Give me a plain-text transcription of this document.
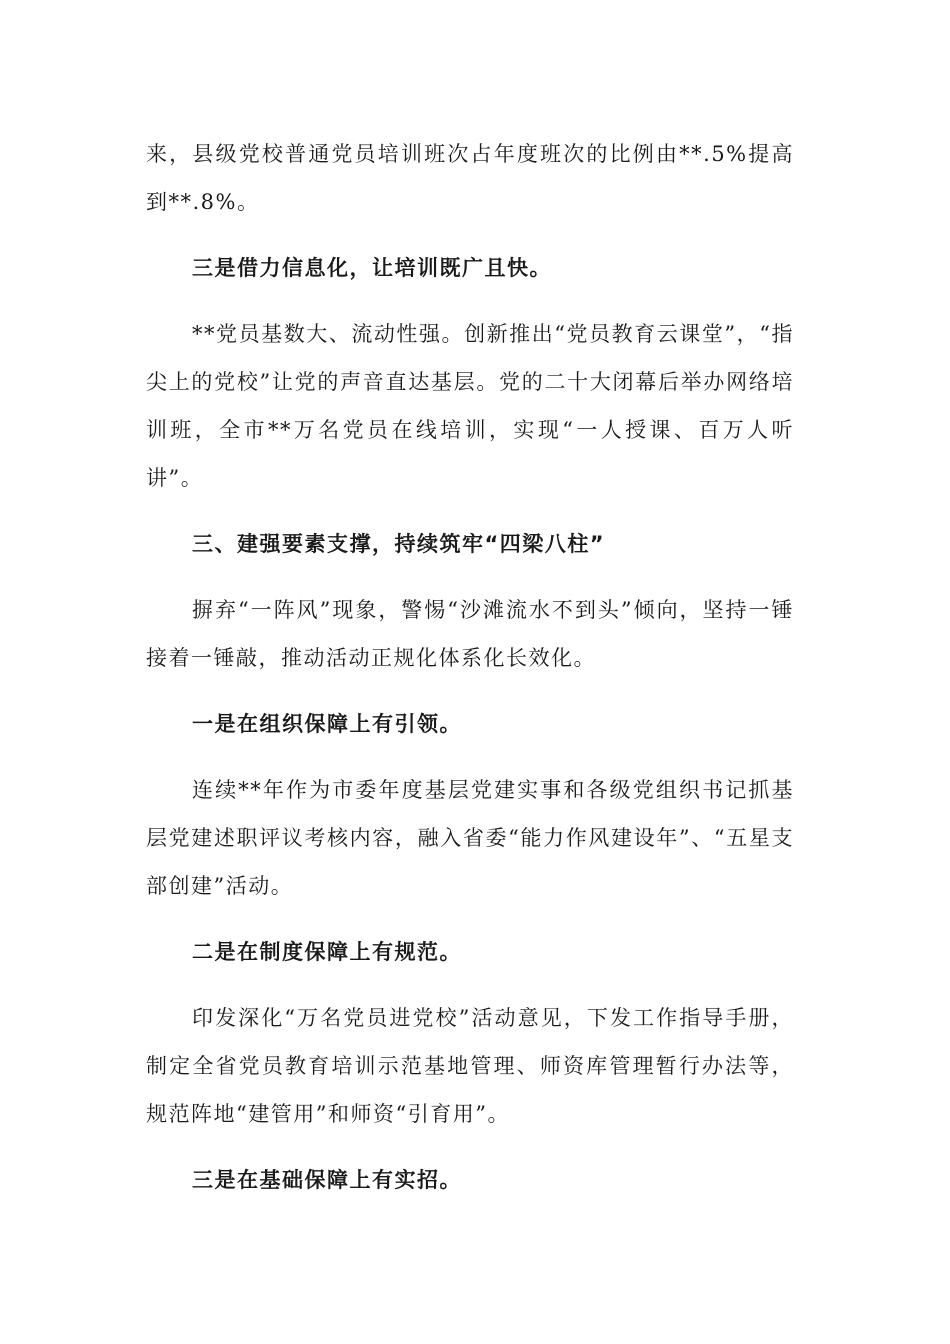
来，县级党校普通党员培训班次占年度班次的比例由**.5%提高到**.8%。

三是借力信息化，让培训既广且快。

**党员基数大、流动性强。创新推出“党员教育云课堂”，“指尖上的党校”让党的声音直达基层。党的二十大闭幕后举办网络培训班，全市**万名党员在线培训，实现“一人授课、百万人听讲”。

三、建强要素支撑，持续筑牢“四梁八柱”

摒弃“一阵风”现象，警惕“沙滩流水不到头”倾向，坚持一锤接着一锤敲，推动活动正规化体系化长效化。

一是在组织保障上有引领。

连续**年作为市委年度基层党建实事和各级党组织书记抓基层党建述职评议考核内容，融入省委“能力作风建设年”、“五星支部创建”活动。

二是在制度保障上有规范。

印发深化“万名党员进党校”活动意见，下发工作指导手册，制定全省党员教育培训示范基地管理、师资库管理暂行办法等，规范阵地“建管用”和师资“引育用”。

三是在基础保障上有实招。
